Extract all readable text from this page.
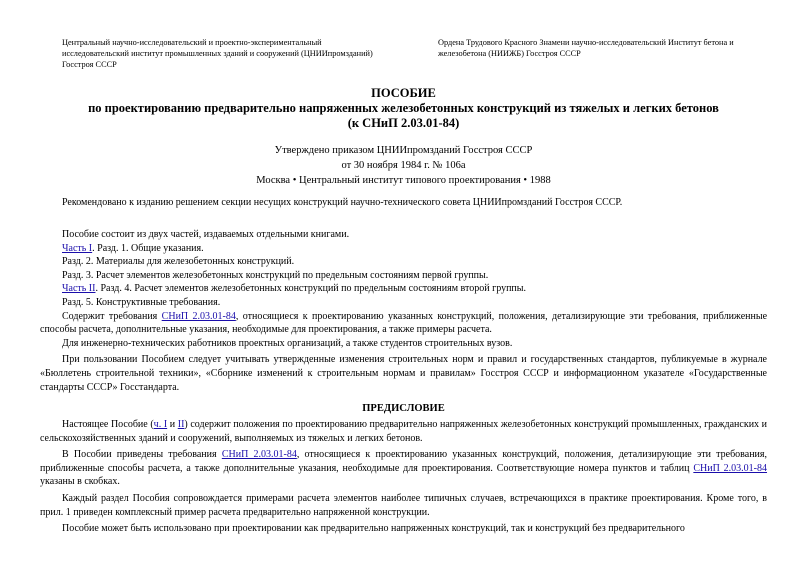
Центральный научно-исследовательский и проектно-экспериментальный
исследовательский институт промышленных зданий и сооружений (ЦНИИпромзданий)
Госстроя СССР
Ордена Трудового Красного Знамени научно-исследовательский Институт бетона и
железобетона (НИИЖБ) Госстроя СССР
ПОСОБИЕ
по проектированию предварительно напряженных железобетонных конструкций из тяжелых и легких бетонов
(к СНиП 2.03.01-84)
Утверждено приказом ЦНИИпромзданий Госстроя СССР
от 30 ноября 1984 г. № 106а
Москва • Центральный институт типового проектирования • 1988

Рекомендовано к изданию решением секции несущих конструкций научно-технического совета ЦНИИпромзданий Госстроя СССР.

Пособие состоит из двух частей, издаваемых отдельными книгами.

Часть I. Разд. 1. Общие указания.

Разд. 2. Материалы для железобетонных конструкций.

Разд. 3. Расчет элементов железобетонных конструкций по предельным состояниям первой группы.

Часть II. Разд. 4. Расчет элементов железобетонных конструкций по предельным состояниям второй группы.

Разд. 5. Конструктивные требования.

Содержит требования СНиП 2.03.01-84, относящиеся к проектированию указанных конструкций, положения, детализирующие эти требования, приближенные способы расчета, дополнительные указания, необходимые для проектирования, а также примеры расчета.

Для инженерно-технических работников проектных организаций, а также студентов строительных вузов.

При пользовании Пособием следует учитывать утвержденные изменения строительных норм и правил и государственных стандартов, публикуемые в журнале «Бюллетень строительной техники», «Сборнике изменений к строительным нормам и правилам» Госстроя СССР и информационном указателе «Государственные стандарты СССР» Госстандарта.

ПРЕДИСЛОВИЕ

Настоящее Пособие (ч. I и II) содержит положения по проектированию предварительно напряженных железобетонных конструкций промышленных, гражданских и сельскохозяйственных зданий и сооружений, выполняемых из тяжелых и легких бетонов.

В Пособии приведены требования СНиП 2.03.01-84, относящиеся к проектированию указанных конструкций, положения, детализирующие эти требования, приближенные способы расчета, а также дополнительные указания, необходимые для проектирования. Соответствующие номера пунктов и таблиц СНиП 2.03.01-84 указаны в скобках.

Каждый раздел Пособия сопровождается примерами расчета элементов наиболее типичных случаев, встречающихся в практике проектирования. Кроме того, в прил. 1 приведен комплексный пример расчета предварительно напряженной конструкции.

Пособие может быть использовано при проектировании как предварительно напряженных конструкций, так и конструкций без предварительного
